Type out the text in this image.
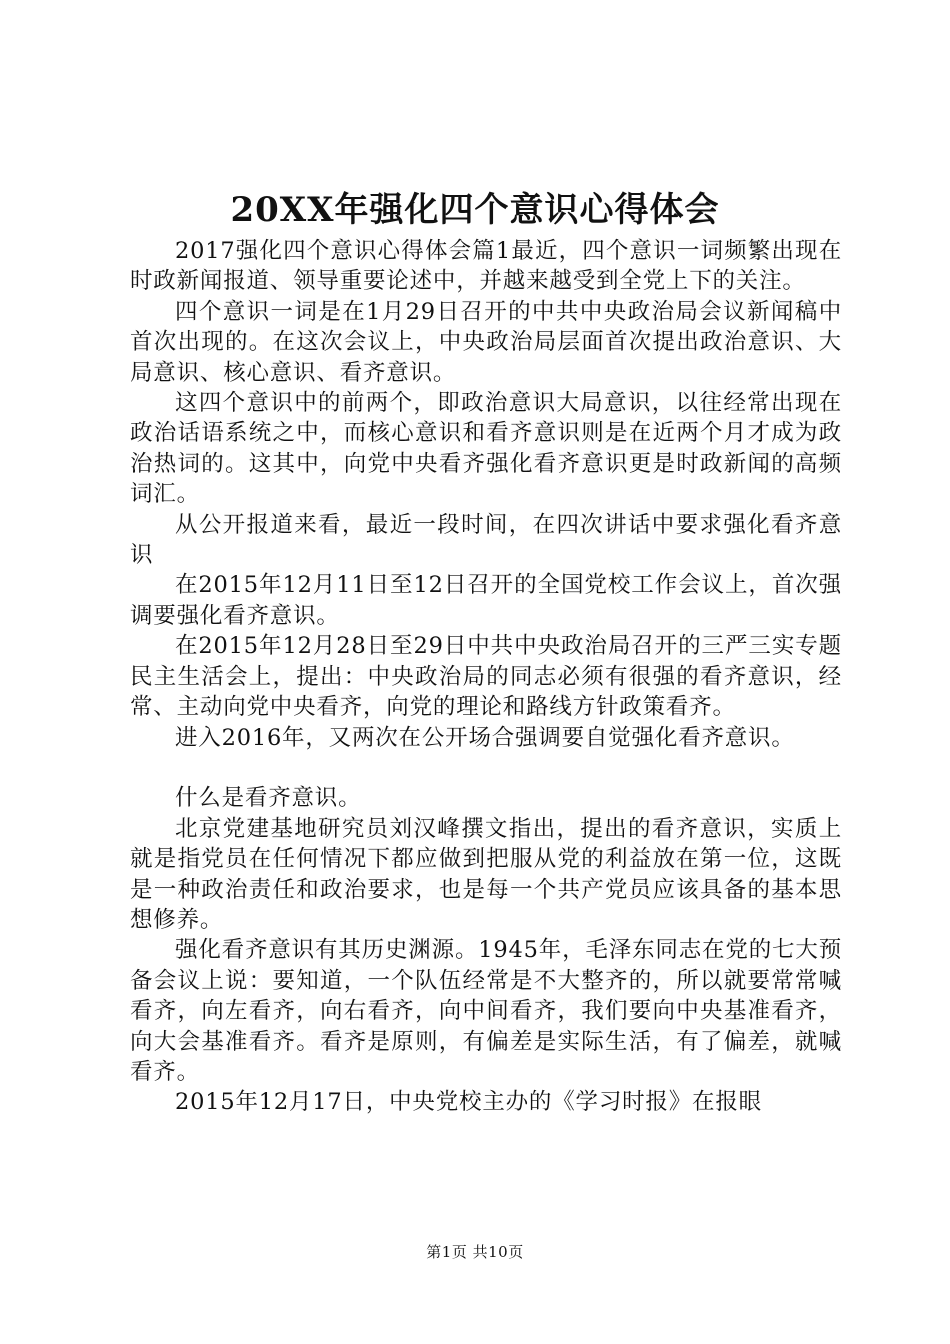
20XX年强化四个意识心得体会

2017强化四个意识心得体会篇1最近，四个意识一词频繁出现在时政新闻报道、领导重要论述中，并越来越受到全党上下的关注。

四个意识一词是在1月29日召开的中共中央政治局会议新闻稿中首次出现的。在这次会议上，中央政治局层面首次提出政治意识、大局意识、核心意识、看齐意识。

这四个意识中的前两个，即政治意识大局意识，以往经常出现在政治话语系统之中，而核心意识和看齐意识则是在近两个月才成为政治热词的。这其中，向党中央看齐强化看齐意识更是时政新闻的高频词汇。

从公开报道来看，最近一段时间，在四次讲话中要求强化看齐意识

在2015年12月11日至12日召开的全国党校工作会议上，首次强调要强化看齐意识。

在2015年12月28日至29日中共中央政治局召开的三严三实专题民主生活会上，提出：中央政治局的同志必须有很强的看齐意识，经常、主动向党中央看齐，向党的理论和路线方针政策看齐。

进入2016年，又两次在公开场合强调要自觉强化看齐意识。

什么是看齐意识。

北京党建基地研究员刘汉峰撰文指出，提出的看齐意识，实质上就是指党员在任何情况下都应做到把服从党的利益放在第一位，这既是一种政治责任和政治要求，也是每一个共产党员应该具备的基本思想修养。

强化看齐意识有其历史渊源。1945年，毛泽东同志在党的七大预备会议上说：要知道，一个队伍经常是不大整齐的，所以就要常常喊看齐，向左看齐，向右看齐，向中间看齐，我们要向中央基准看齐，向大会基准看齐。看齐是原则，有偏差是实际生活，有了偏差，就喊看齐。

2015年12月17日，中央党校主办的《学习时报》在报眼

第1页 共10页
